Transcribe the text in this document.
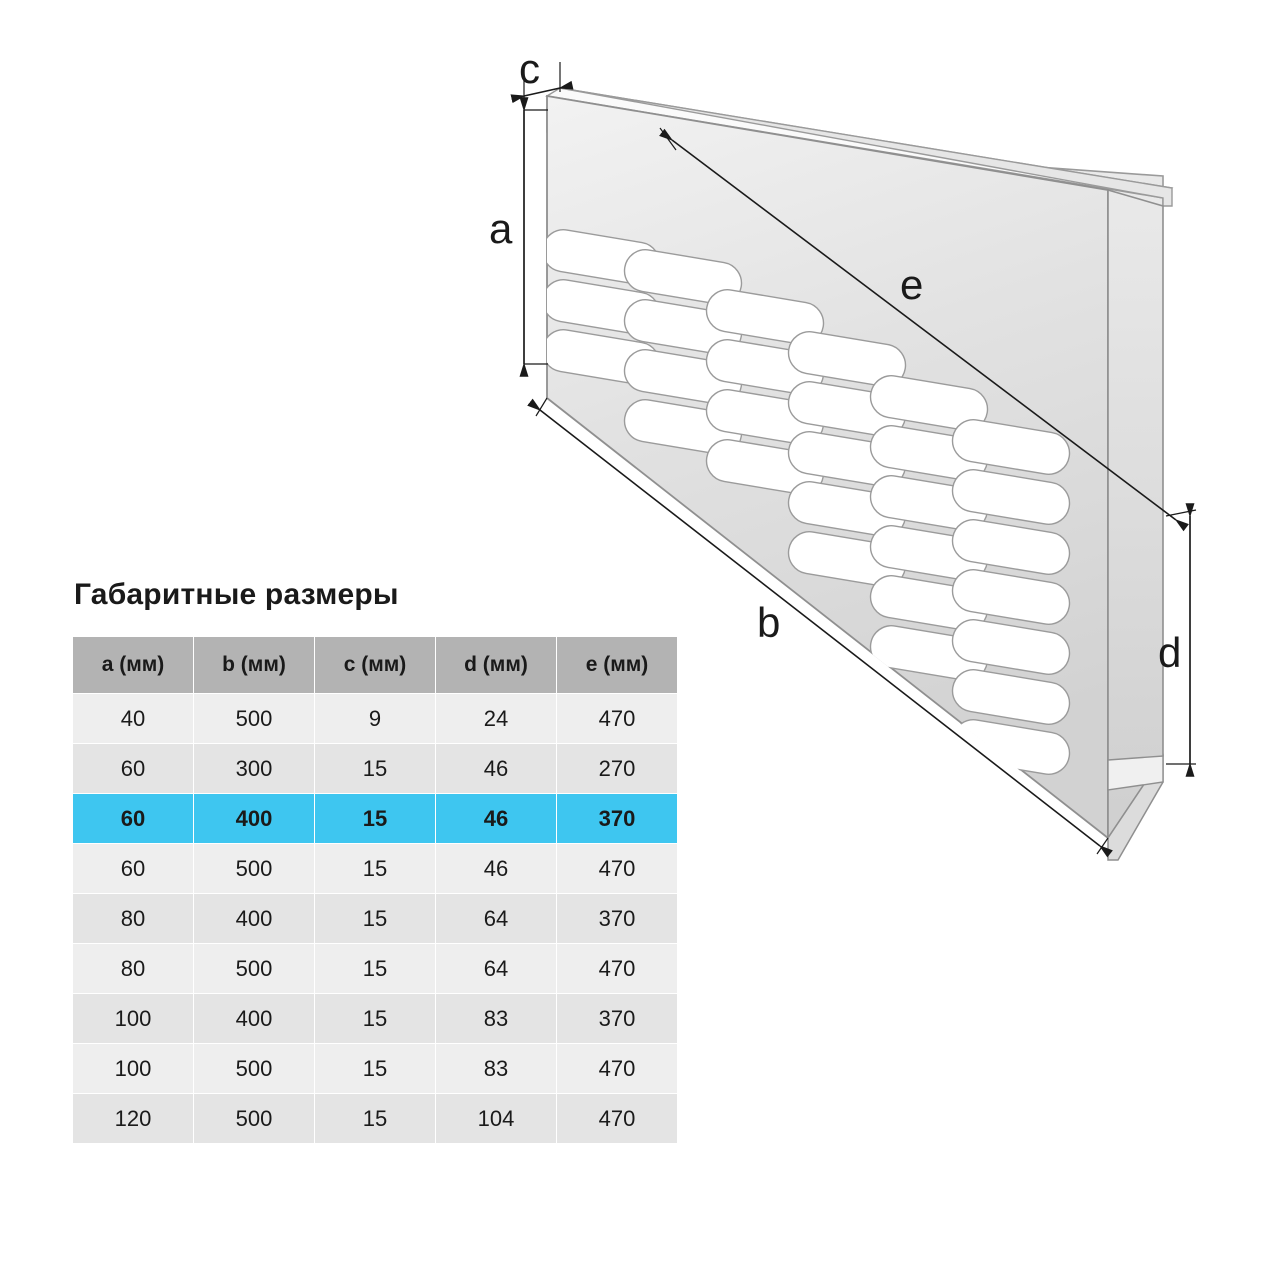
a
b
c
d
e
Габаритные размеры
a (мм)	b (мм)	c (мм)	d (мм)	e (мм)
40	500	9	24	470
60	300	15	46	270
60	400	15	46	370
60	500	15	46	470
80	400	15	64	370
80	500	15	64	470
100	400	15	83	370
100	500	15	83	470
120	500	15	104	470
